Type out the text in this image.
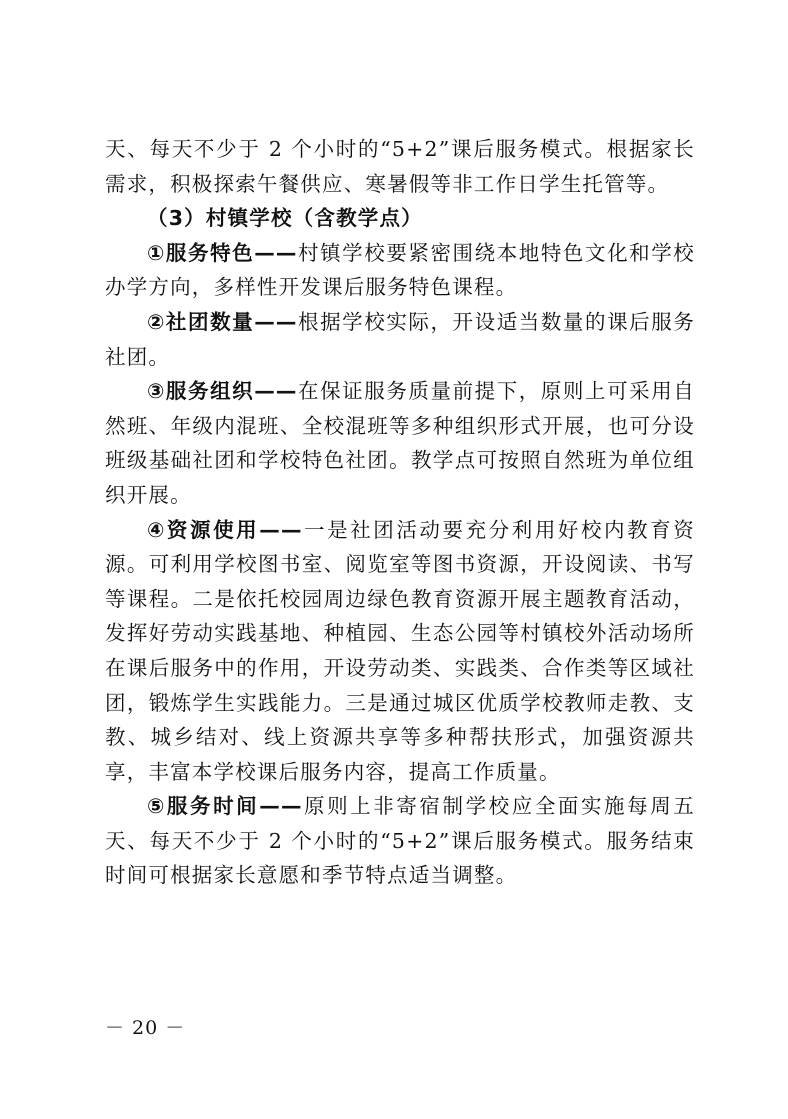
天、每天不少于 2 个小时的“5+2”课后服务模式。根据家长需求，积极探索午餐供应、寒暑假等非工作日学生托管等。

（3）村镇学校（含教学点）

①服务特色——村镇学校要紧密围绕本地特色文化和学校办学方向，多样性开发课后服务特色课程。

②社团数量——根据学校实际，开设适当数量的课后服务社团。

③服务组织——在保证服务质量前提下，原则上可采用自然班、年级内混班、全校混班等多种组织形式开展，也可分设班级基础社团和学校特色社团。教学点可按照自然班为单位组织开展。

④资源使用——一是社团活动要充分利用好校内教育资源。可利用学校图书室、阅览室等图书资源，开设阅读、书写等课程。二是依托校园周边绿色教育资源开展主题教育活动，发挥好劳动实践基地、种植园、生态公园等村镇校外活动场所在课后服务中的作用，开设劳动类、实践类、合作类等区域社团，锻炼学生实践能力。三是通过城区优质学校教师走教、支教、城乡结对、线上资源共享等多种帮扶形式，加强资源共享，丰富本学校课后服务内容，提高工作质量。

⑤服务时间——原则上非寄宿制学校应全面实施每周五天、每天不少于 2 个小时的“5+2”课后服务模式。服务结束时间可根据家长意愿和季节特点适当调整。

－ 20 －
